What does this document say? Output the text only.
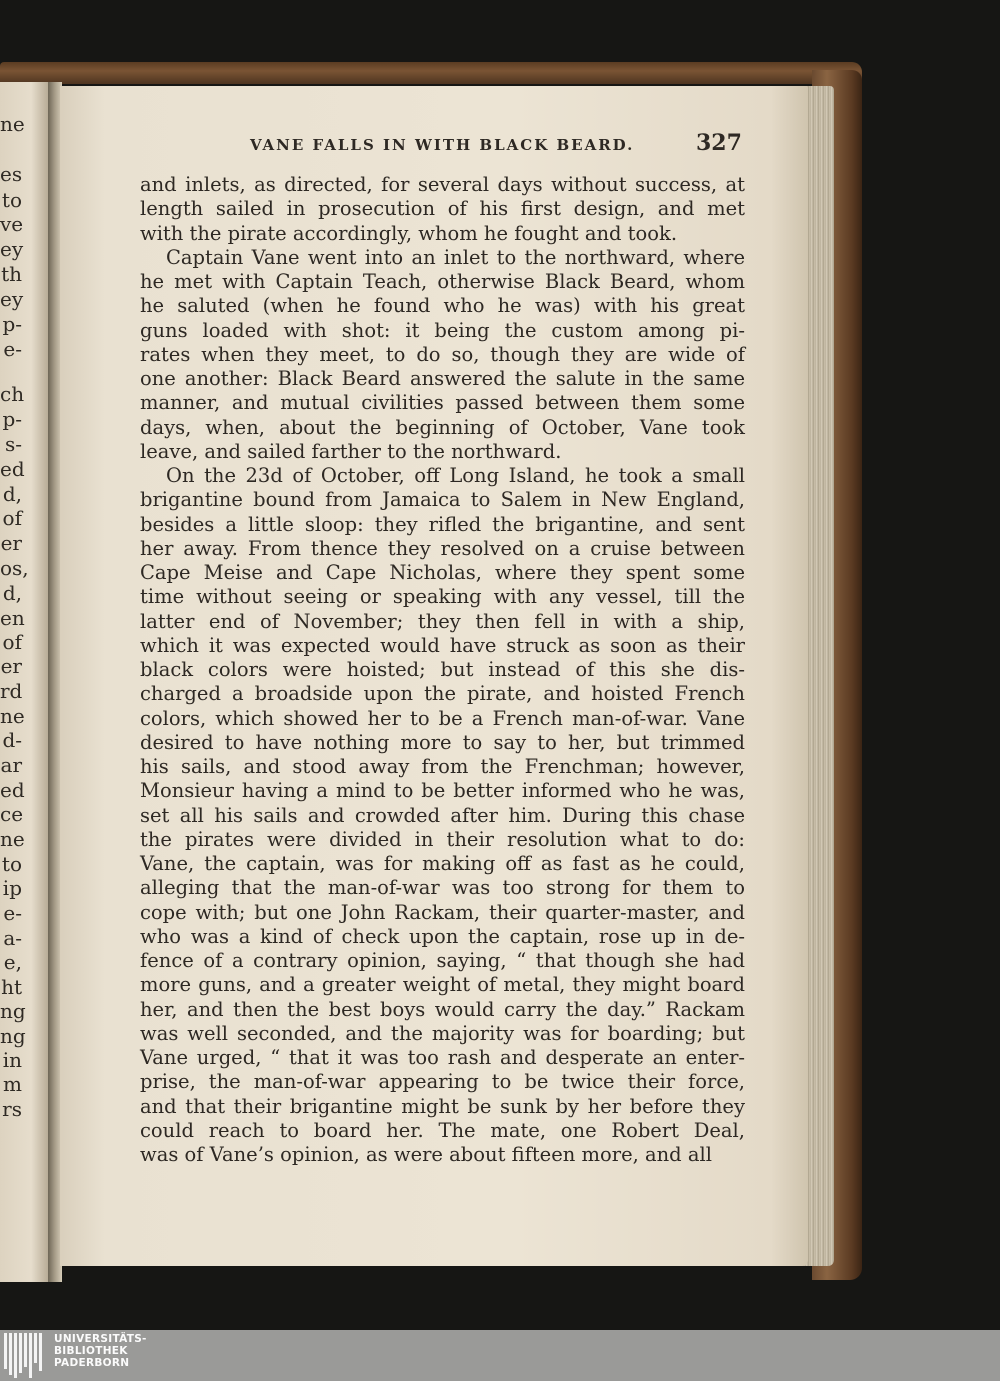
ne
es
to
ve
ey
th
ey
p-
e-
ch
p-
s-
ed
d,
of
er
os,
d,
en
of
er
rd
ne
d-
ar
ed
ce
ne
to
ip
e-
a-
e,
ht
ng
ng
in
m
rs
VANE FALLS IN WITH BLACK BEARD.	327
and inlets, as directed, for several days without success, at
length sailed in prosecution of his first design, and met
with the pirate accordingly, whom he fought and took.
Captain Vane went into an inlet to the northward, where
he met with Captain Teach, otherwise Black Beard, whom
he saluted (when he found who he was) with his great
guns loaded with shot: it being the custom among pi-
rates when they meet, to do so, though they are wide of
one another: Black Beard answered the salute in the same
manner, and mutual civilities passed between them some
days, when, about the beginning of October, Vane took
leave, and sailed farther to the northward.
On the 23d of October, off Long Island, he took a small
brigantine bound from Jamaica to Salem in New England,
besides a little sloop: they rifled the brigantine, and sent
her away. From thence they resolved on a cruise between
Cape Meise and Cape Nicholas, where they spent some
time without seeing or speaking with any vessel, till the
latter end of November; they then fell in with a ship,
which it was expected would have struck as soon as their
black colors were hoisted; but instead of this she dis-
charged a broadside upon the pirate, and hoisted French
colors, which showed her to be a French man-of-war. Vane
desired to have nothing more to say to her, but trimmed
his sails, and stood away from the Frenchman; however,
Monsieur having a mind to be better informed who he was,
set all his sails and crowded after him. During this chase
the pirates were divided in their resolution what to do:
Vane, the captain, was for making off as fast as he could,
alleging that the man-of-war was too strong for them to
cope with; but one John Rackam, their quarter-master, and
who was a kind of check upon the captain, rose up in de-
fence of a contrary opinion, saying, “ that though she had
more guns, and a greater weight of metal, they might board
her, and then the best boys would carry the day.” Rackam
was well seconded, and the majority was for boarding; but
Vane urged, “ that it was too rash and desperate an enter-
prise, the man-of-war appearing to be twice their force,
and that their brigantine might be sunk by her before they
could reach to board her. The mate, one Robert Deal,
was of Vane’s opinion, as were about fifteen more, and all
UNIVERSITÄTS-
BIBLIOTHEK
PADERBORN
